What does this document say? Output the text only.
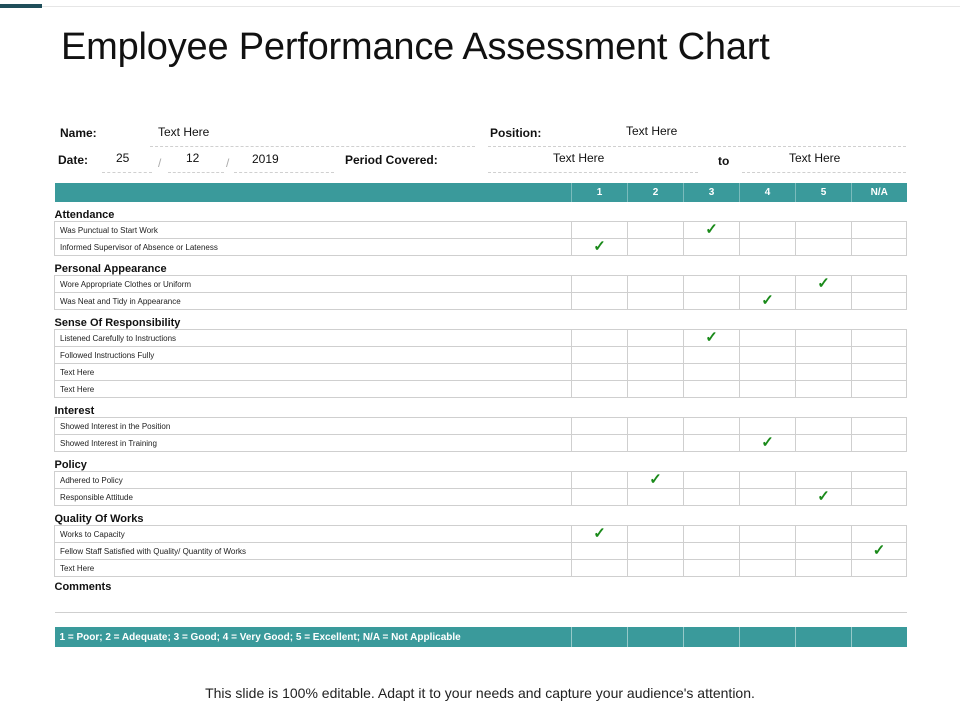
Employee Performance Assessment Chart
Name:	Text Here	Position:	Text Here
Date: 25 / 12 / 2019	Period Covered:	Text Here	to	Text Here
	1	2	3	4	5	N/A
Attendance						
Was Punctual to Start Work			✓			
Informed Supervisor of Absence or Lateness	✓					
Personal Appearance						
Wore Appropriate Clothes or Uniform					✓	
Was Neat and Tidy in Appearance				✓		
Sense Of Responsibility						
Listened Carefully to Instructions			✓			
Followed Instructions Fully						
Text Here						
Text Here						
Interest						
Showed Interest in the Position						
Showed Interest in Training				✓		
Policy						
Adhered to Policy		✓				
Responsible Attitude					✓	
Quality Of Works						
Works to Capacity	✓					
Fellow Staff Satisfied with Quality/ Quantity of Works						✓
Text Here						
Comments						

1 = Poor; 2 = Adequate; 3 = Good; 4 = Very Good; 5 = Excellent; N/A = Not Applicable						
This slide is 100% editable. Adapt it to your needs and capture your audience's attention.
